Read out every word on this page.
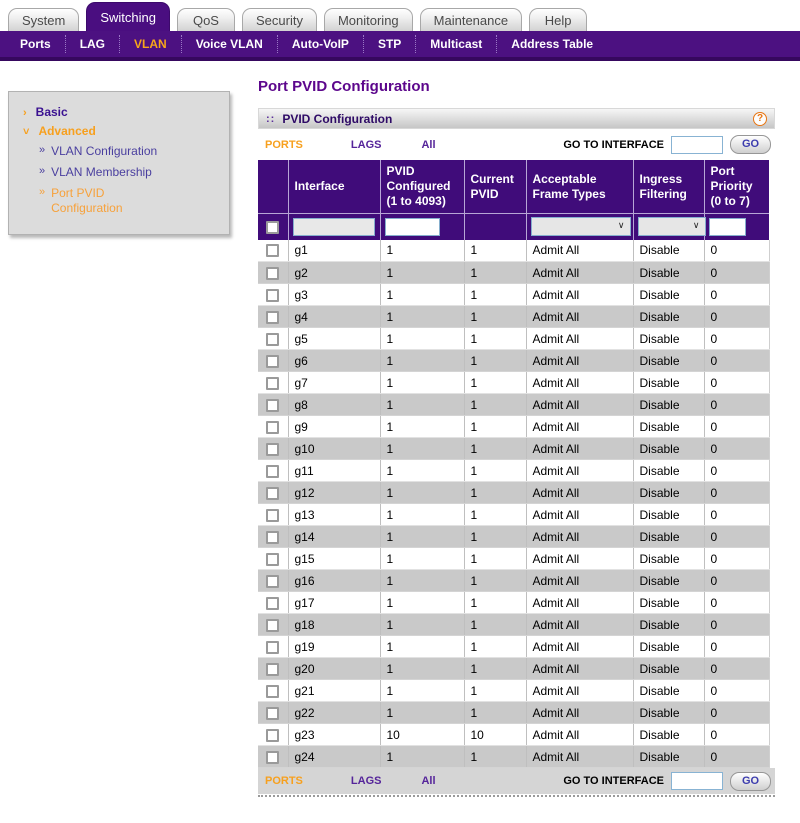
System	Switching	QoS	Security	Monitoring	Maintenance	Help
Ports	LAG	VLAN	Voice VLAN	Auto-VoIP	STP	Multicast	Address Table
› Basic
˅ Advanced
» VLAN Configuration
» VLAN Membership
» Port PVID Configuration
Port PVID Configuration
:: PVID Configuration	?
PORTS	LAGS	All	GO TO INTERFACE	GO
	Interface	PVID Configured (1 to 4093)	Current PVID	Acceptable Frame Types	Ingress Filtering	Port Priority (0 to 7)

∨	
∨	
	g1	1	1	Admit All	Disable	0
	g2	1	1	Admit All	Disable	0
	g3	1	1	Admit All	Disable	0
	g4	1	1	Admit All	Disable	0
	g5	1	1	Admit All	Disable	0
	g6	1	1	Admit All	Disable	0
	g7	1	1	Admit All	Disable	0
	g8	1	1	Admit All	Disable	0
	g9	1	1	Admit All	Disable	0
	g10	1	1	Admit All	Disable	0
	g11	1	1	Admit All	Disable	0
	g12	1	1	Admit All	Disable	0
	g13	1	1	Admit All	Disable	0
	g14	1	1	Admit All	Disable	0
	g15	1	1	Admit All	Disable	0
	g16	1	1	Admit All	Disable	0
	g17	1	1	Admit All	Disable	0
	g18	1	1	Admit All	Disable	0
	g19	1	1	Admit All	Disable	0
	g20	1	1	Admit All	Disable	0
	g21	1	1	Admit All	Disable	0
	g22	1	1	Admit All	Disable	0
	g23	10	10	Admit All	Disable	0
	g24	1	1	Admit All	Disable	0
PORTS	LAGS	All	GO TO INTERFACE	GO
